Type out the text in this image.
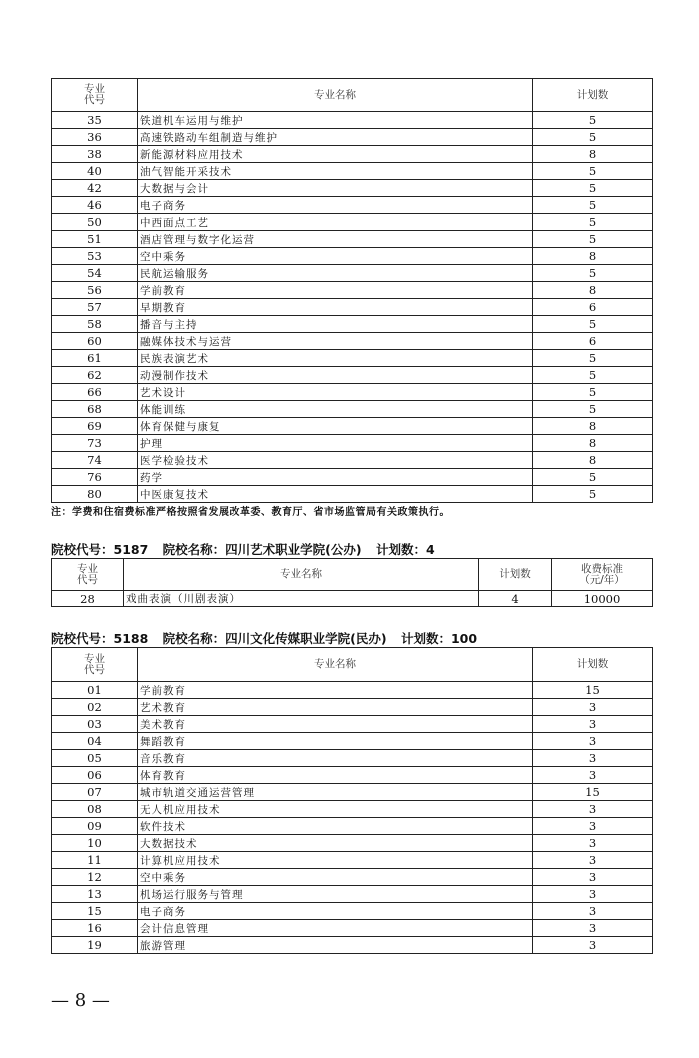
专业
代号	专业名称	计划数
35	铁道机车运用与维护	5
36	高速铁路动车组制造与维护	5
38	新能源材料应用技术	8
40	油气智能开采技术	5
42	大数据与会计	5
46	电子商务	5
50	中西面点工艺	5
51	酒店管理与数字化运营	5
53	空中乘务	8
54	民航运输服务	5
56	学前教育	8
57	早期教育	6
58	播音与主持	5
60	融媒体技术与运营	6
61	民族表演艺术	5
62	动漫制作技术	5
66	艺术设计	5
68	体能训练	5
69	体育保健与康复	8
73	护理	8
74	医学检验技术	8
76	药学	5
80	中医康复技术	5
注：学费和住宿费标准严格按照省发展改革委、教育厅、省市场监管局有关政策执行。
院校代号：5187 院校名称：四川艺术职业学院(公办) 计划数：4
专业
代号	专业名称	计划数	收费标准
（元/年）
28	戏曲表演（川剧表演）	4	10000
院校代号：5188 院校名称：四川文化传媒职业学院(民办) 计划数：100
专业
代号	专业名称	计划数
01	学前教育	15
02	艺术教育	3
03	美术教育	3
04	舞蹈教育	3
05	音乐教育	3
06	体育教育	3
07	城市轨道交通运营管理	15
08	无人机应用技术	3
09	软件技术	3
10	大数据技术	3
11	计算机应用技术	3
12	空中乘务	3
13	机场运行服务与管理	3
15	电子商务	3
16	会计信息管理	3
19	旅游管理	3
— 8 —
